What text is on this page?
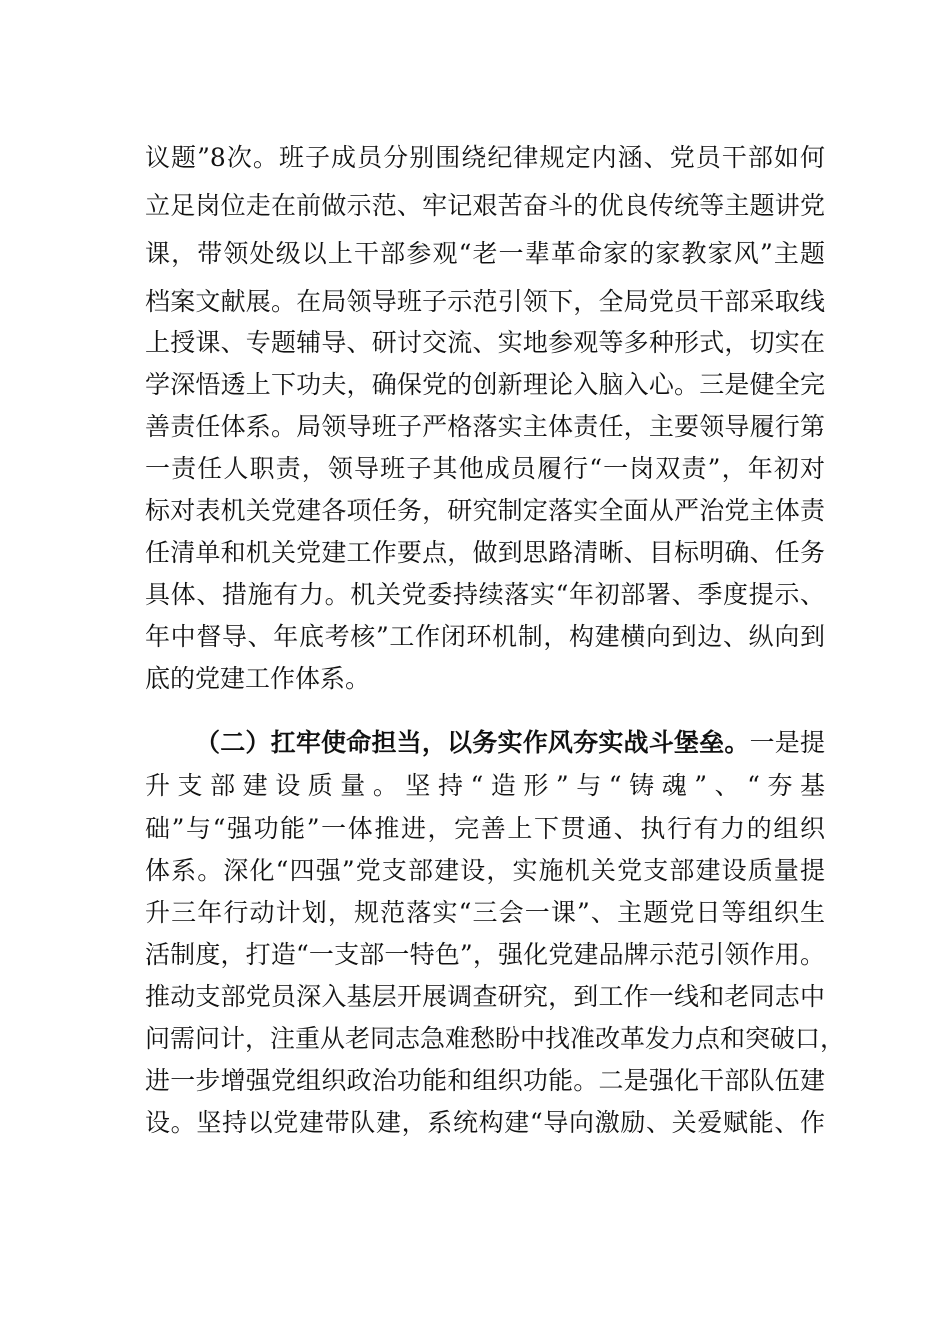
议题”8次。班子成员分别围绕纪律规定内涵、党员干部如何
立足岗位走在前做示范、牢记艰苦奋斗的优良传统等主题讲党
课，带领处级以上干部参观“老一辈革命家的家教家风”主题
档案文献展。在局领导班子示范引领下，全局党员干部采取线
上授课、专题辅导、研讨交流、实地参观等多种形式，切实在
学深悟透上下功夫，确保党的创新理论入脑入心。三是健全完
善责任体系。局领导班子严格落实主体责任，主要领导履行第
一责任人职责，领导班子其他成员履行“一岗双责”，年初对
标对表机关党建各项任务，研究制定落实全面从严治党主体责
任清单和机关党建工作要点，做到思路清晰、目标明确、任务
具体、措施有力。机关党委持续落实“年初部署、季度提示、
年中督导、年底考核”工作闭环机制，构建横向到边、纵向到
底的党建工作体系。
（二）扛牢使命担当，以务实作风夯实战斗堡垒。一是提
升支部建设质量。坚持“造形”与“铸魂”、“夯基
础”与“强功能”一体推进，完善上下贯通、执行有力的组织
体系。深化“四强”党支部建设，实施机关党支部建设质量提
升三年行动计划，规范落实“三会一课”、主题党日等组织生
活制度，打造“一支部一特色”，强化党建品牌示范引领作用。
推动支部党员深入基层开展调查研究，到工作一线和老同志中
问需问计，注重从老同志急难愁盼中找准改革发力点和突破口，
进一步增强党组织政治功能和组织功能。二是强化干部队伍建
设。坚持以党建带队建，系统构建“导向激励、关爱赋能、作
